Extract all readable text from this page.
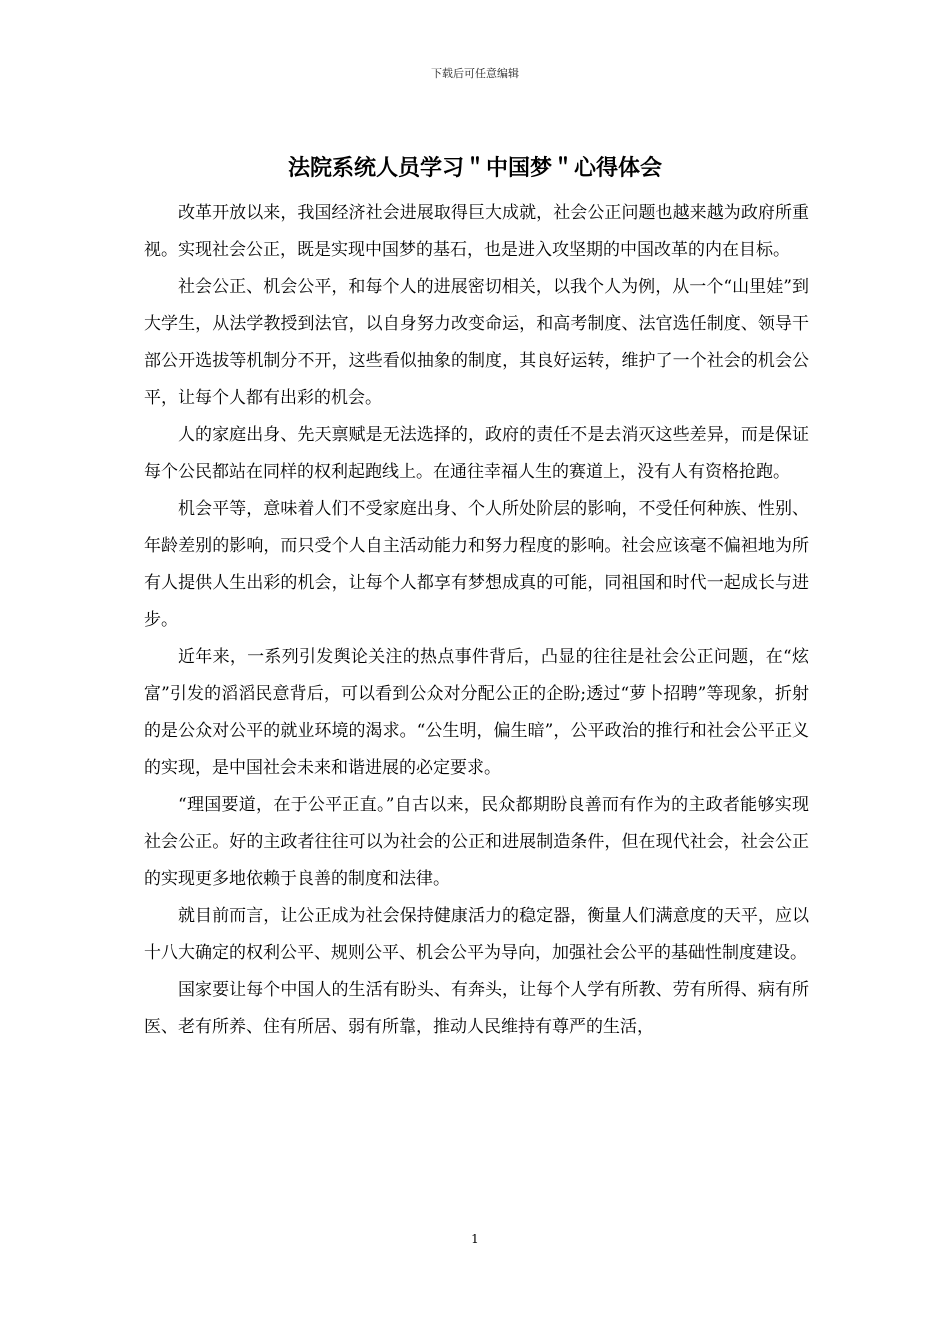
下载后可任意编辑
法院系统人员学习＂中国梦＂心得体会

改革开放以来，我国经济社会进展取得巨大成就，社会公正问题也越来越为政府所重视。实现社会公正，既是实现中国梦的基石，也是进入攻坚期的中国改革的内在目标。

社会公正、机会公平，和每个人的进展密切相关，以我个人为例，从一个“山里娃”到大学生，从法学教授到法官，以自身努力改变命运，和高考制度、法官选任制度、领导干部公开选拔等机制分不开，这些看似抽象的制度，其良好运转，维护了一个社会的机会公平，让每个人都有出彩的机会。

人的家庭出身、先天禀赋是无法选择的，政府的责任不是去消灭这些差异，而是保证每个公民都站在同样的权利起跑线上。在通往幸福人生的赛道上，没有人有资格抢跑。

机会平等，意味着人们不受家庭出身、个人所处阶层的影响，不受任何种族、性别、年龄差别的影响，而只受个人自主活动能力和努力程度的影响。社会应该毫不偏袒地为所有人提供人生出彩的机会，让每个人都享有梦想成真的可能，同祖国和时代一起成长与进步。

近年来，一系列引发舆论关注的热点事件背后，凸显的往往是社会公正问题，在“炫富”引发的滔滔民意背后，可以看到公众对分配公正的企盼;透过“萝卜招聘”等现象，折射的是公众对公平的就业环境的渴求。“公生明，偏生暗”，公平政治的推行和社会公平正义的实现，是中国社会未来和谐进展的必定要求。

“理国要道，在于公平正直。”自古以来，民众都期盼良善而有作为的主政者能够实现社会公正。好的主政者往往可以为社会的公正和进展制造条件，但在现代社会，社会公正的实现更多地依赖于良善的制度和法律。

就目前而言，让公正成为社会保持健康活力的稳定器，衡量人们满意度的天平，应以十八大确定的权利公平、规则公平、机会公平为导向，加强社会公平的基础性制度建设。

国家要让每个中国人的生活有盼头、有奔头，让每个人学有所教、劳有所得、病有所医、老有所养、住有所居、弱有所靠，推动人民维持有尊严的生活，

1
